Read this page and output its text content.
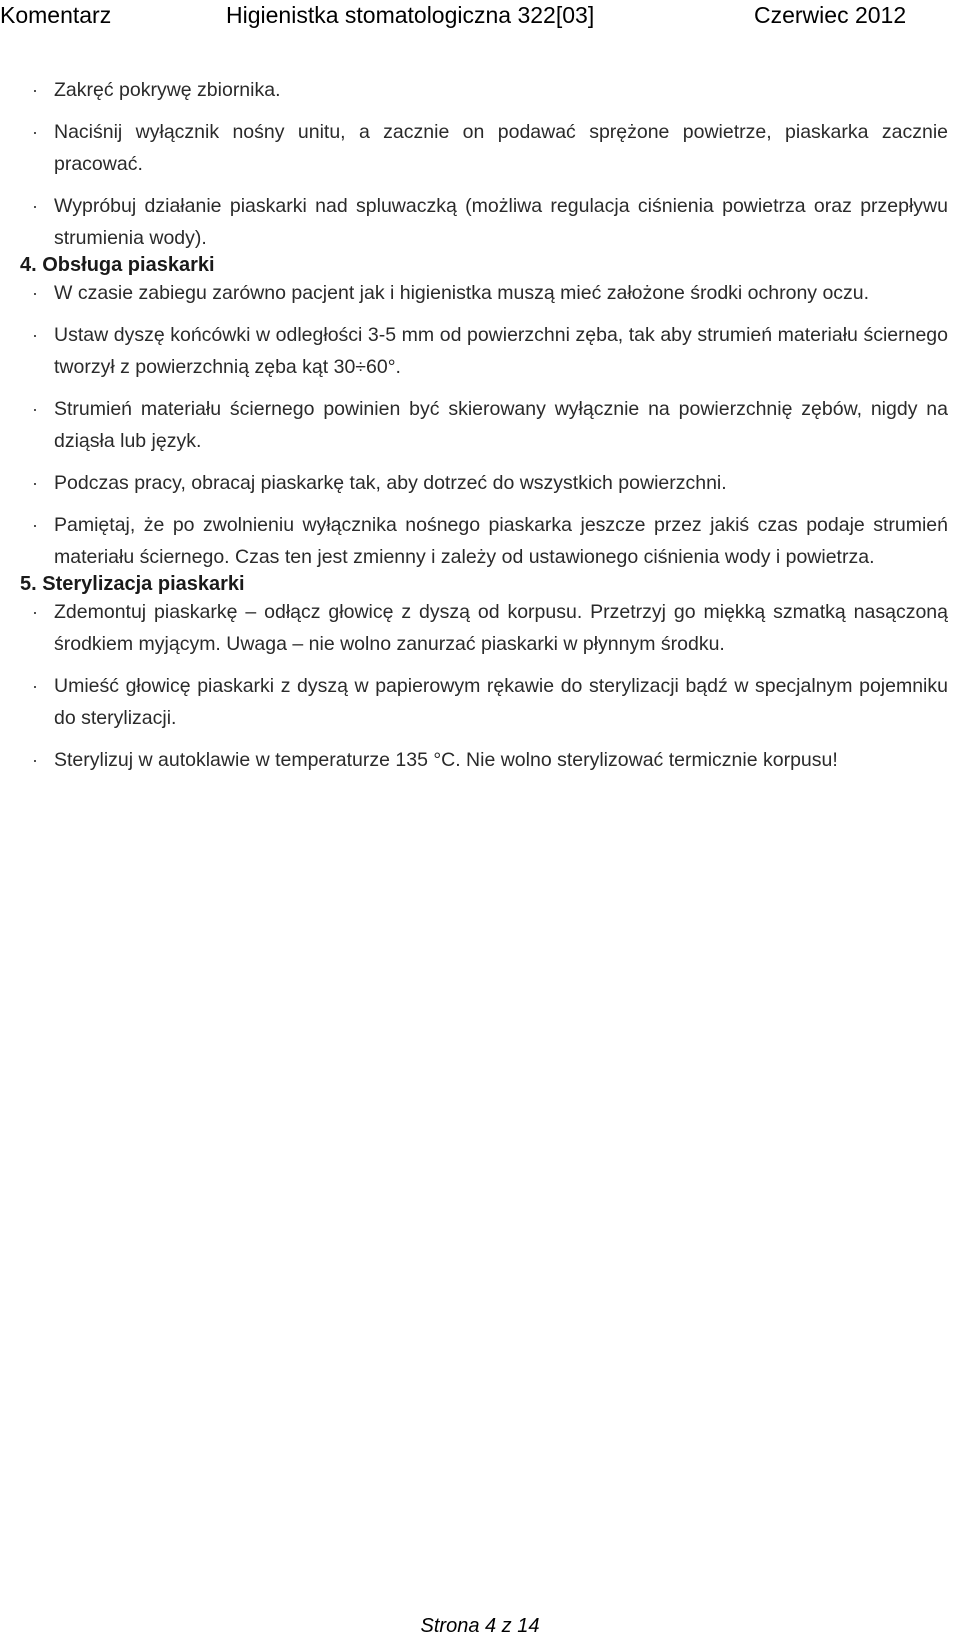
Komentarz	Higienistka stomatologiczna 322[03]	Czerwiec 2012
· Zakręć pokrywę zbiornika.
· Naciśnij wyłącznik nośny unitu, a zacznie on podawać sprężone powietrze, piaskarka zacznie pracować.
· Wypróbuj działanie piaskarki nad spluwaczką (możliwa regulacja ciśnienia powietrza oraz przepływu strumienia wody).
4. Obsługa piaskarki
· W czasie zabiegu zarówno pacjent jak i higienistka muszą mieć założone środki ochrony oczu.
· Ustaw dyszę końcówki w odległości 3-5 mm od powierzchni zęba, tak aby strumień materiału ściernego tworzył z powierzchnią zęba kąt 30÷60°.
· Strumień materiału ściernego powinien być skierowany wyłącznie na powierzchnię zębów, nigdy na dziąsła lub język.
· Podczas pracy, obracaj piaskarkę tak, aby dotrzeć do wszystkich powierzchni.
· Pamiętaj, że po zwolnieniu wyłącznika nośnego piaskarka jeszcze przez jakiś czas podaje strumień materiału ściernego. Czas ten jest zmienny i zależy od ustawionego ciśnienia wody i powietrza.
5. Sterylizacja piaskarki
· Zdemontuj piaskarkę – odłącz głowicę z dyszą od korpusu. Przetrzyj go miękką szmatką nasączoną środkiem myjącym. Uwaga – nie wolno zanurzać piaskarki w płynnym środku.
· Umieść głowicę piaskarki z dyszą w papierowym rękawie do sterylizacji bądź w specjalnym pojemniku do sterylizacji.
· Sterylizuj w autoklawie w temperaturze 135 °C. Nie wolno sterylizować termicznie korpusu!
Strona 4 z 14
